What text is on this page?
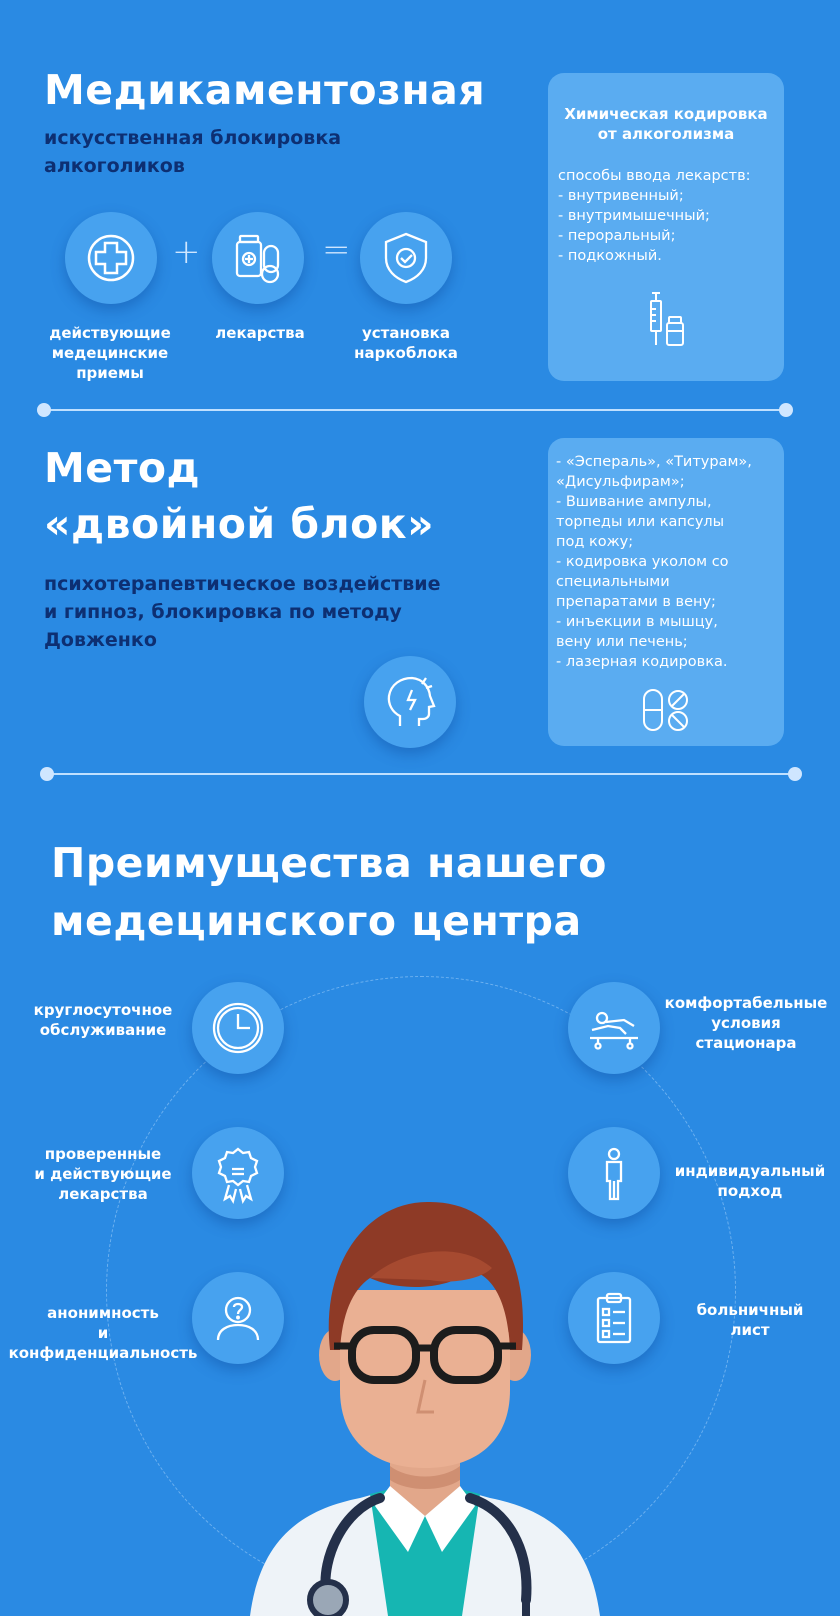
Медикаментозная
искусственная блокировка
алкоголиков
+	=
действующие
медецинские
приемы
лекарства	установка
наркоблока
Химическая кодировка
от алкоголизма
способы ввода лекарств:
- внутривенный;
- внутримышечный;
- пероральный;
- подкожный.
Метод
«двойной блок»
психотерапевтическое воздействие
и гипноз, блокировка по методу
Довженко
- «Эспераль», «Титурам»,
«Дисульфирам»;
- Вшивание ампулы,
торпеды или капсулы
под кожу;
- кодировка уколом со
специальными
препаратами в вену;
- инъекции в мышцу,
вену или печень;
- лазерная кодировка.
Преимущества нашего
медецинского центра
круглосуточное
обслуживание
проверенные
и действующие
лекарства
анонимность
и
конфиденциальность
комфортабельные
условия
стационара
индивидуальный
подход
больничный
лист
